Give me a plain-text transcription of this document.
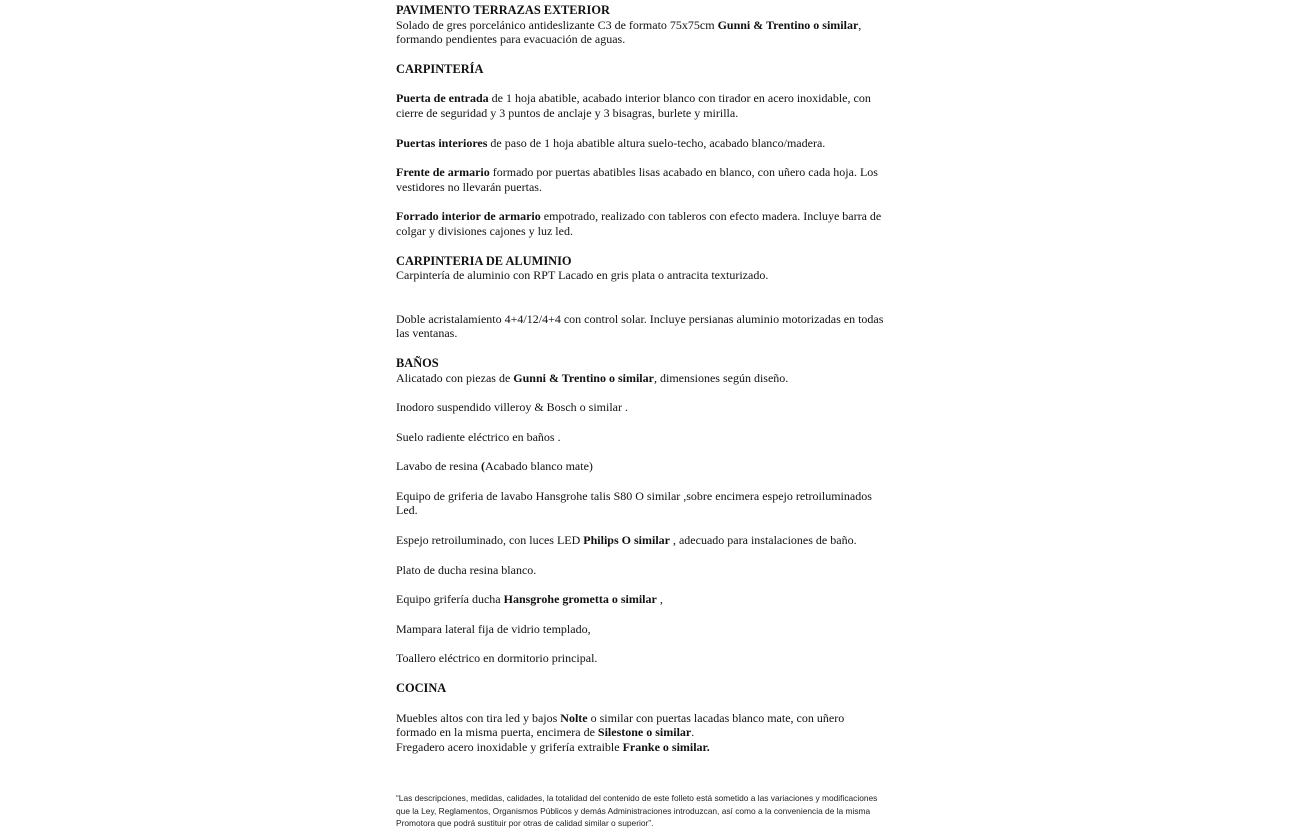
PAVIMENTO TERRAZAS EXTERIOR

Solado de gres porcelánico antideslizante C3 de formato 75x75cm Gunni & Trentino o similar, formando pendientes para evacuación de aguas.

CARPINTERÍA

Puerta de entrada de 1 hoja abatible, acabado interior blanco con tirador en acero inoxidable, con cierre de seguridad y 3 puntos de anclaje y 3 bisagras, burlete y mirilla.

Puertas interiores de paso de 1 hoja abatible altura suelo-techo, acabado blanco/madera.

Frente de armario formado por puertas abatibles lisas acabado en blanco, con uñero cada hoja. Los vestidores no llevarán puertas.

Forrado interior de armario empotrado, realizado con tableros con efecto madera. Incluye barra de colgar y divisiones cajones y luz led.

CARPINTERIA DE ALUMINIO

Carpintería de aluminio con RPT Lacado en gris plata o antracita texturizado.

Doble acristalamiento 4+4/12/4+4 con control solar. Incluye persianas aluminio motorizadas en todas las ventanas.

BAÑOS

Alicatado con piezas de Gunni & Trentino o similar, dimensiones según diseño.

Inodoro suspendido villeroy & Bosch o similar .

Suelo radiente eléctrico en baños .

Lavabo de resina (Acabado blanco mate)

Equipo de griferia de lavabo Hansgrohe talis S80 O similar ,sobre encimera espejo retroiluminados Led.

Espejo retroiluminado, con luces LED Philips O similar , adecuado para instalaciones de baño.

Plato de ducha resina blanco.

Equipo grifería ducha Hansgrohe grometta o similar ,

Mampara lateral fija de vidrio templado,

Toallero eléctrico en dormitorio principal.

COCINA

Muebles altos con tira led y bajos Nolte o similar con puertas lacadas blanco mate, con uñero formado en la misma puerta, encimera de Silestone o similar.

Fregadero acero inoxidable y grifería extraible Franke o similar.

“Las descripciones, medidas, calidades, la totalidad del contenido de este folleto está sometido a las variaciones y modificaciones que la Ley, Reglamentos, Organismos Públicos y demás Administraciones introduzcan, así como a la conveniencia de la misma Promotora que podrá sustituir por otras de calidad similar o superior”.
